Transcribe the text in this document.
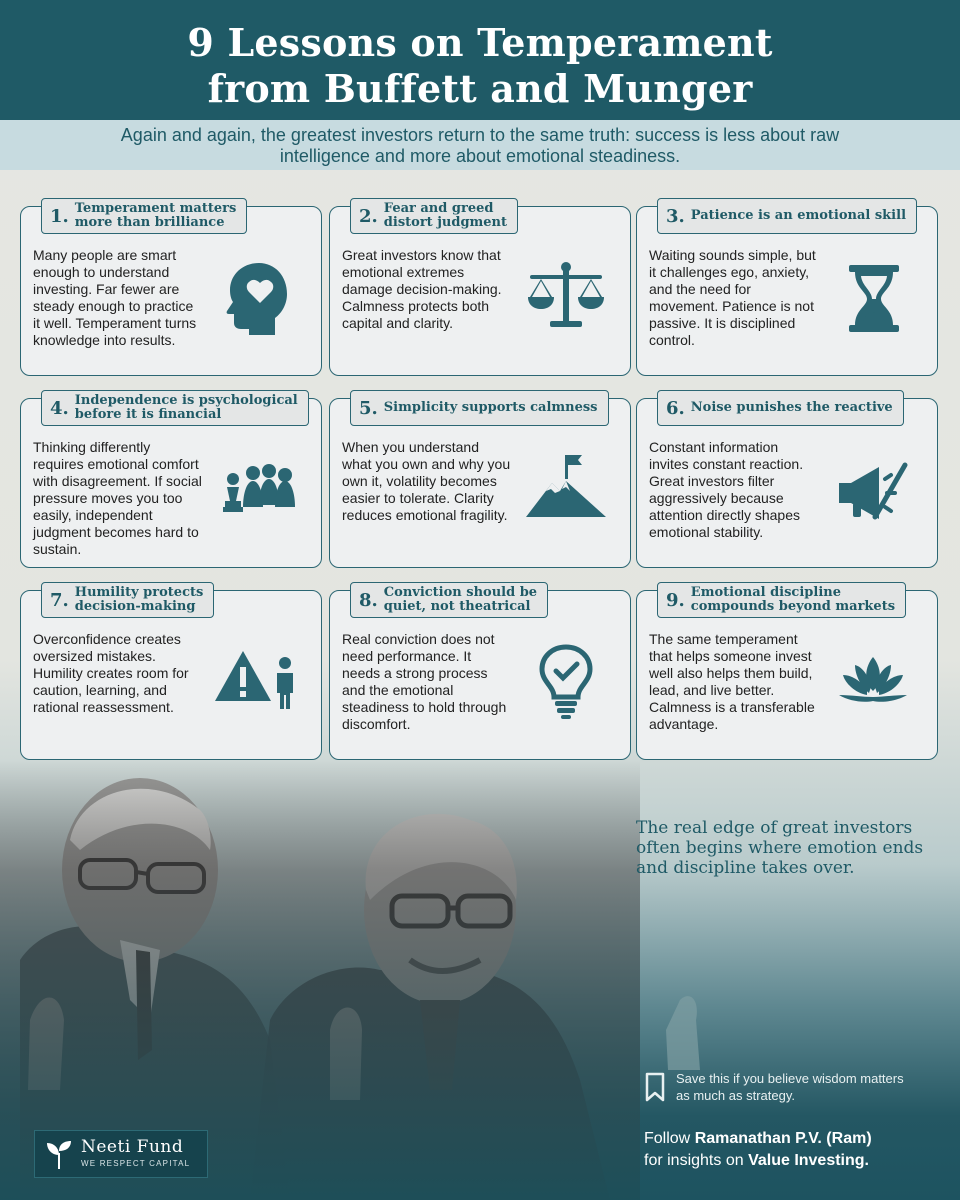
9 Lessons on Temperament
from Buffett and Munger
Again and again, the greatest investors return to the same truth: success is less about raw intelligence and more about emotional steadiness.
1. Temperament matters
more than brilliance
Many people are smart enough to understand investing. Far fewer are steady enough to practice it well. Temperament turns knowledge into results.
2. Fear and greed
distort judgment
Great investors know that emotional extremes damage decision-making. Calmness protects both capital and clarity.
3. Patience is an emotional skill
Waiting sounds simple, but it challenges ego, anxiety, and the need for movement. Patience is not passive. It is disciplined control.
4. Independence is psychological
before it is financial
Thinking differently requires emotional comfort with disagreement. If social pressure moves you too easily, independent judgment becomes hard to sustain.
5. Simplicity supports calmness
When you understand what you own and why you own it, volatility becomes easier to tolerate. Clarity reduces emotional fragility.
6. Noise punishes the reactive
Constant information invites constant reaction. Great investors filter aggressively because attention directly shapes emotional stability.
7. Humility protects
decision-making
Overconfidence creates oversized mistakes. Humility creates room for caution, learning, and rational reassessment.
8. Conviction should be
quiet, not theatrical
Real conviction does not need performance. It needs a strong process and the emotional steadiness to hold through discomfort.
9. Emotional discipline
compounds beyond markets
The same temperament that helps someone invest well also helps them build, lead, and live better. Calmness is a transferable advantage.
The real edge of great investors often begins where emotion ends and discipline takes over.
Save this if you believe wisdom matters as much as strategy.
Follow Ramanathan P.V. (Ram)
for insights on Value Investing.
Neeti Fund
WE RESPECT CAPITAL
